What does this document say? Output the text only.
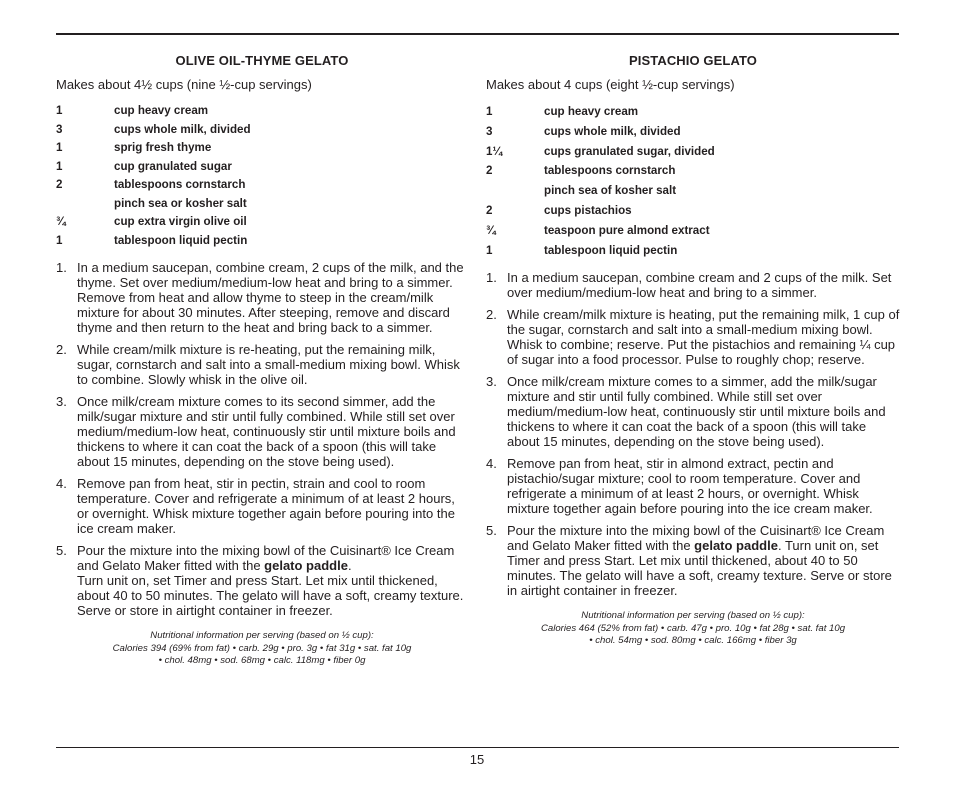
OLIVE OIL-THYME GELATO
Makes about 4½ cups (nine ½-cup servings)
1	cup heavy cream
3	cups whole milk, divided
1	sprig fresh thyme
1	cup granulated sugar
2	tablespoons cornstarch
pinch sea or kosher salt
¾	cup extra virgin olive oil
1	tablespoon liquid pectin
1. In a medium saucepan, combine cream, 2 cups of the milk, and the thyme. Set over medium/medium-low heat and bring to a simmer. Remove from heat and allow thyme to steep in the cream/milk mixture for about 30 minutes. After steeping, remove and discard thyme and then return to the heat and bring back to a simmer.
2. While cream/milk mixture is re-heating, put the remaining milk, sugar, cornstarch and salt into a small-medium mixing bowl. Whisk to combine. Slowly whisk in the olive oil.
3. Once milk/cream mixture comes to its second simmer, add the milk/sugar mixture and stir until fully combined. While still set over medium/medium-low heat, continuously stir until mixture boils and thickens to where it can coat the back of a spoon (this will take about 15 minutes, depending on the stove being used).
4. Remove pan from heat, stir in pectin, strain and cool to room temperature. Cover and refrigerate a minimum of at least 2 hours, or overnight. Whisk mixture together again before pouring into the ice cream maker.
5. Pour the mixture into the mixing bowl of the Cuisinart® Ice Cream and Gelato Maker fitted with the gelato paddle.
Turn unit on, set Timer and press Start. Let mix until thickened, about 40 to 50 minutes. The gelato will have a soft, creamy texture. Serve or store in airtight container in freezer.
Nutritional information per serving (based on ½ cup):
Calories 394 (69% from fat) • carb. 29g • pro. 3g • fat 31g • sat. fat 10g
• chol. 48mg • sod. 68mg • calc. 118mg • fiber 0g
PISTACHIO GELATO
Makes about 4 cups (eight ½-cup servings)
1	cup heavy cream
3	cups whole milk, divided
1¼	cups granulated sugar, divided
2	tablespoons cornstarch
pinch sea of kosher salt
2	cups pistachios
¾	teaspoon pure almond extract
1	tablespoon liquid pectin
1. In a medium saucepan, combine cream and 2 cups of the milk. Set over medium/medium-low heat and bring to a simmer.
2. While cream/milk mixture is heating, put the remaining milk, 1 cup of the sugar, cornstarch and salt into a small-medium mixing bowl. Whisk to combine; reserve. Put the pistachios and remaining ¼ cup of sugar into a food processor. Pulse to roughly chop; reserve.
3. Once milk/cream mixture comes to a simmer, add the milk/sugar mixture and stir until fully combined. While still set over medium/medium-low heat, continuously stir until mixture boils and thickens to where it can coat the back of a spoon (this will take about 15 minutes, depending on the stove being used).
4. Remove pan from heat, stir in almond extract, pectin and pistachio/sugar mixture; cool to room temperature. Cover and refrigerate a minimum of at least 2 hours, or overnight. Whisk mixture together again before pouring into the ice cream maker.
5. Pour the mixture into the mixing bowl of the Cuisinart® Ice Cream and Gelato Maker fitted with the gelato paddle. Turn unit on, set Timer and press Start. Let mix until thickened, about 40 to 50 minutes. The gelato will have a soft, creamy texture. Serve or store in airtight container in freezer.
Nutritional information per serving (based on ½ cup):
Calories 464 (52% from fat) • carb. 47g • pro. 10g • fat 28g • sat. fat 10g
• chol. 54mg • sod. 80mg • calc. 166mg • fiber 3g
15
